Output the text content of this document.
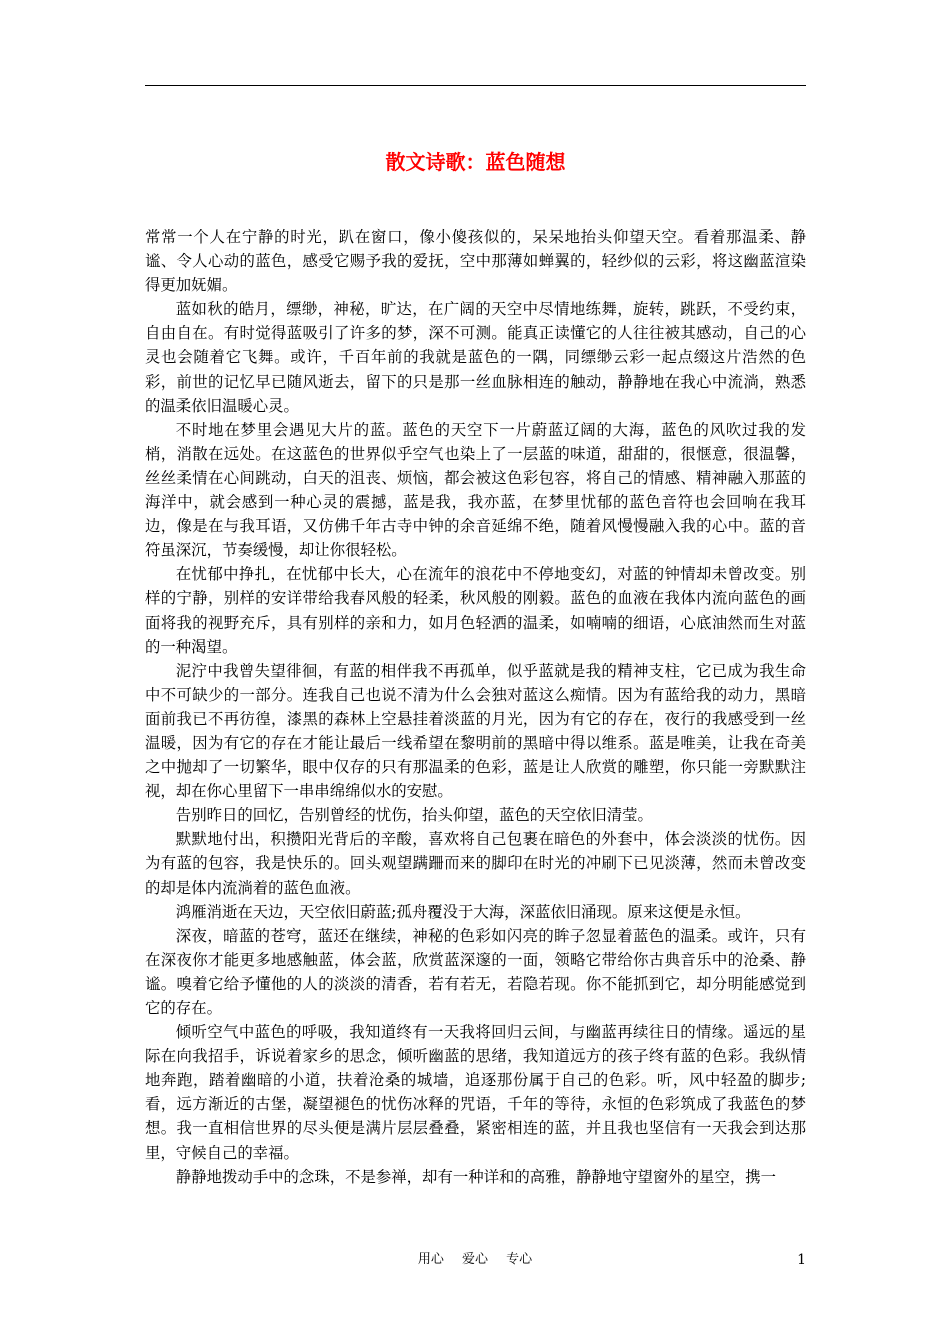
散文诗歌：蓝色随想

常常一个人在宁静的时光，趴在窗口，像小傻孩似的，呆呆地抬头仰望天空。看着那温柔、静谧、令人心动的蓝色，感受它赐予我的爱抚，空中那薄如蝉翼的，轻纱似的云彩，将这幽蓝渲染得更加妩媚。

蓝如秋的皓月，缥缈，神秘，旷达，在广阔的天空中尽情地练舞，旋转，跳跃，不受约束，自由自在。有时觉得蓝吸引了许多的梦，深不可测。能真正读懂它的人往往被其感动，自己的心灵也会随着它飞舞。或许，千百年前的我就是蓝色的一隅，同缥缈云彩一起点缀这片浩然的色彩，前世的记忆早已随风逝去，留下的只是那一丝血脉相连的触动，静静地在我心中流淌，熟悉的温柔依旧温暖心灵。

不时地在梦里会遇见大片的蓝。蓝色的天空下一片蔚蓝辽阔的大海，蓝色的风吹过我的发梢，消散在远处。在这蓝色的世界似乎空气也染上了一层蓝的味道，甜甜的，很惬意，很温馨，丝丝柔情在心间跳动，白天的沮丧、烦恼，都会被这色彩包容，将自己的情感、精神融入那蓝的海洋中，就会感到一种心灵的震撼，蓝是我，我亦蓝，在梦里忧郁的蓝色音符也会回响在我耳边，像是在与我耳语，又仿佛千年古寺中钟的余音延绵不绝，随着风慢慢融入我的心中。蓝的音符虽深沉，节奏缓慢，却让你很轻松。

在忧郁中挣扎，在忧郁中长大，心在流年的浪花中不停地变幻，对蓝的钟情却未曾改变。别样的宁静，别样的安详带给我春风般的轻柔，秋风般的刚毅。蓝色的血液在我体内流向蓝色的画面将我的视野充斥，具有别样的亲和力，如月色轻洒的温柔，如喃喃的细语，心底油然而生对蓝的一种渴望。

泥泞中我曾失望徘徊，有蓝的相伴我不再孤单，似乎蓝就是我的精神支柱，它已成为我生命中不可缺少的一部分。连我自己也说不清为什么会独对蓝这么痴情。因为有蓝给我的动力，黑暗面前我已不再彷徨，漆黑的森林上空悬挂着淡蓝的月光，因为有它的存在，夜行的我感受到一丝温暖，因为有它的存在才能让最后一线希望在黎明前的黑暗中得以维系。蓝是唯美，让我在奇美之中抛却了一切繁华，眼中仅存的只有那温柔的色彩，蓝是让人欣赏的雕塑，你只能一旁默默注视，却在你心里留下一串串绵绵似水的安慰。

告别昨日的回忆，告别曾经的忧伤，抬头仰望，蓝色的天空依旧清莹。

默默地付出，积攒阳光背后的辛酸，喜欢将自己包裹在暗色的外套中，体会淡淡的忧伤。因为有蓝的包容，我是快乐的。回头观望蹒跚而来的脚印在时光的冲刷下已见淡薄，然而未曾改变的却是体内流淌着的蓝色血液。

鸿雁消逝在天边，天空依旧蔚蓝;孤舟覆没于大海，深蓝依旧涌现。原来这便是永恒。

深夜，暗蓝的苍穹，蓝还在继续，神秘的色彩如闪亮的眸子忽显着蓝色的温柔。或许，只有在深夜你才能更多地感触蓝，体会蓝，欣赏蓝深邃的一面，领略它带给你古典音乐中的沧桑、静谧。嗅着它给予懂他的人的淡淡的清香，若有若无，若隐若现。你不能抓到它，却分明能感觉到它的存在。

倾听空气中蓝色的呼吸，我知道终有一天我将回归云间，与幽蓝再续往日的情缘。遥远的星际在向我招手，诉说着家乡的思念，倾听幽蓝的思绪，我知道远方的孩子终有蓝的色彩。我纵情地奔跑，踏着幽暗的小道，扶着沧桑的城墙，追逐那份属于自己的色彩。听，风中轻盈的脚步;看，远方渐近的古堡，凝望褪色的忧伤冰释的咒语，千年的等待，永恒的色彩筑成了我蓝色的梦想。我一直相信世界的尽头便是满片层层叠叠，紧密相连的蓝，并且我也坚信有一天我会到达那里，守候自己的幸福。

静静地拨动手中的念珠，不是参禅，却有一种详和的高雅，静静地守望窗外的星空，携一

用心 爱心 专心	1
